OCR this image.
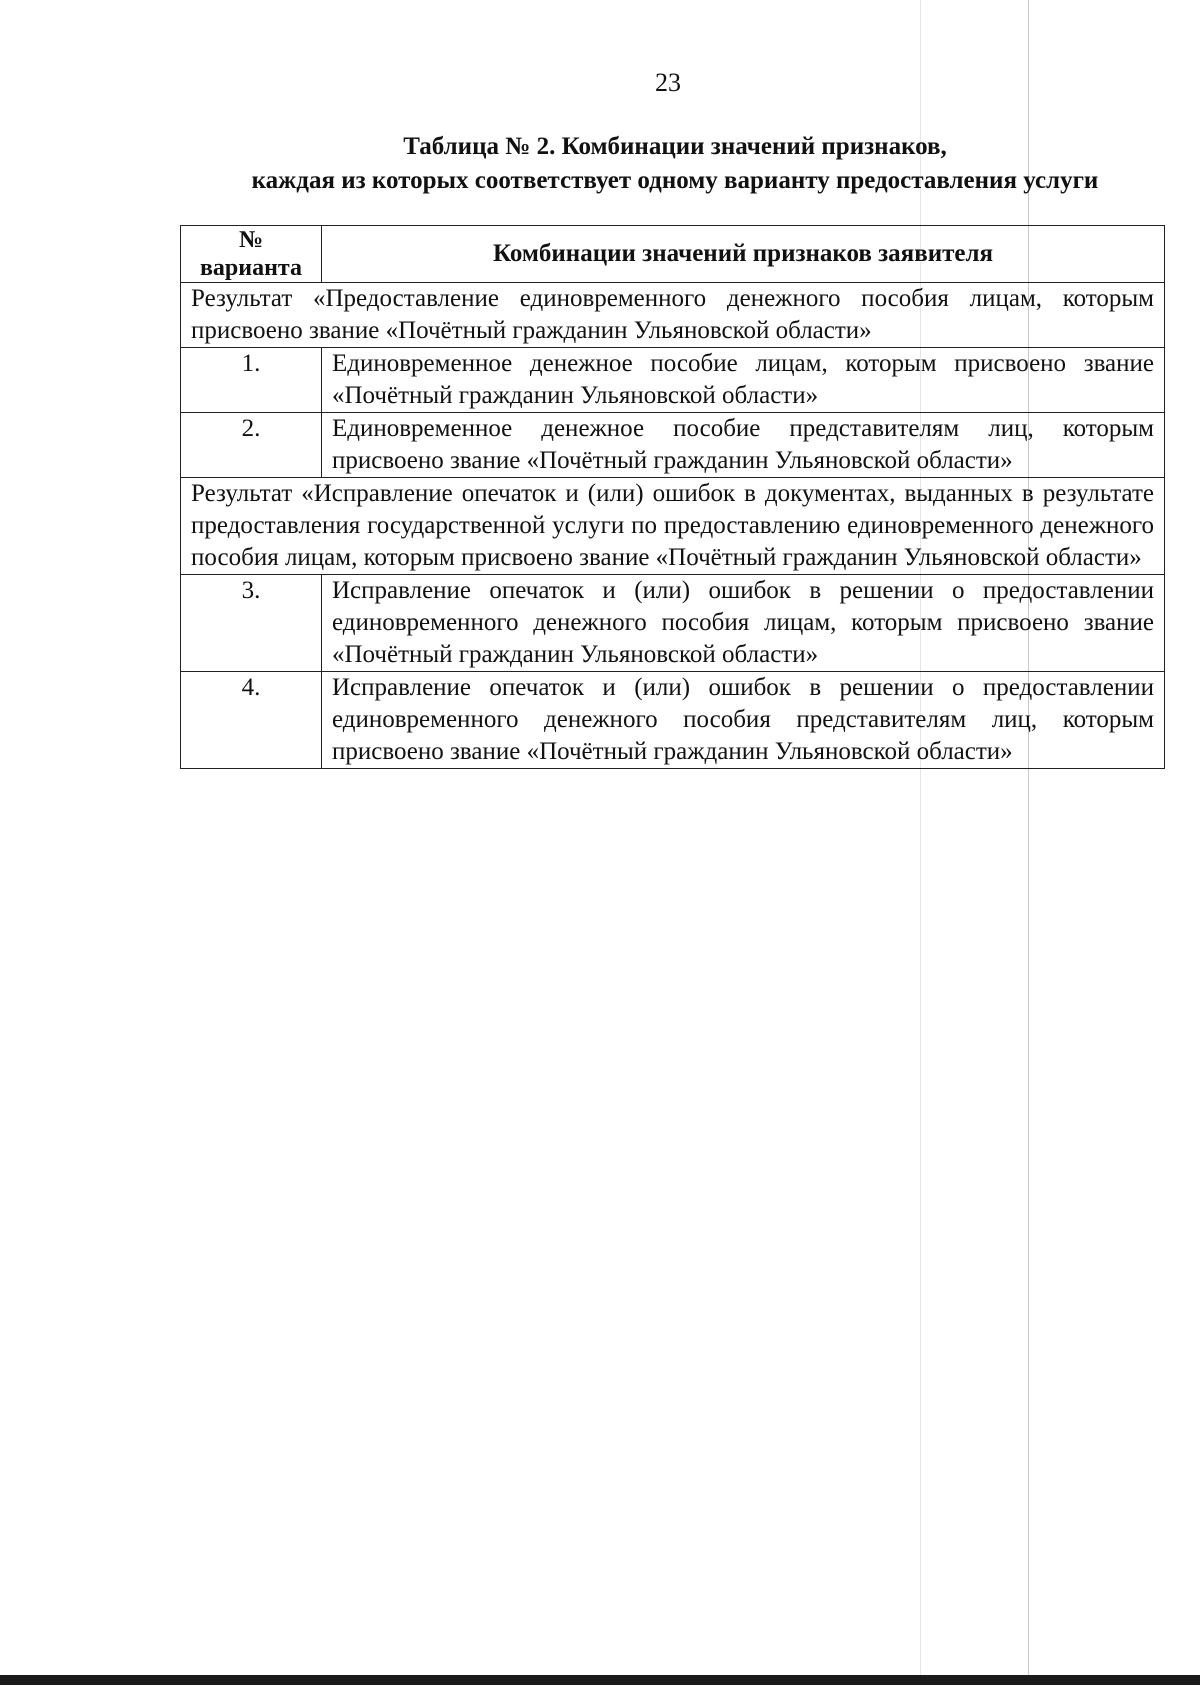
23
Таблица № 2. Комбинации значений признаков,
каждая из которых соответствует одному варианту предоставления услуги
№
варианта	Комбинации значений признаков заявителя
Результат «Предоставление единовременного денежного пособия лицам, которым присвоено звание «Почётный гражданин Ульяновской области»	
1.	Единовременное денежное пособие лицам, которым присвоено звание «Почётный гражданин Ульяновской области»
2.	Единовременное денежное пособие представителям лиц, которым присвоено звание «Почётный гражданин Ульяновской области»
Результат «Исправление опечаток и (или) ошибок в документах, выданных в результате предоставления государственной услуги по предоставлению единовременного денежного пособия лицам, которым присвоено звание «Почётный гражданин Ульяновской области»	
3.	Исправление опечаток и (или) ошибок в решении о предоставлении единовременного денежного пособия лицам, которым присвоено звание «Почётный гражданин Ульяновской области»
4.	Исправление опечаток и (или) ошибок в решении о предоставлении единовременного денежного пособия представителям лиц, которым присвоено звание «Почётный гражданин Ульяновской области»
